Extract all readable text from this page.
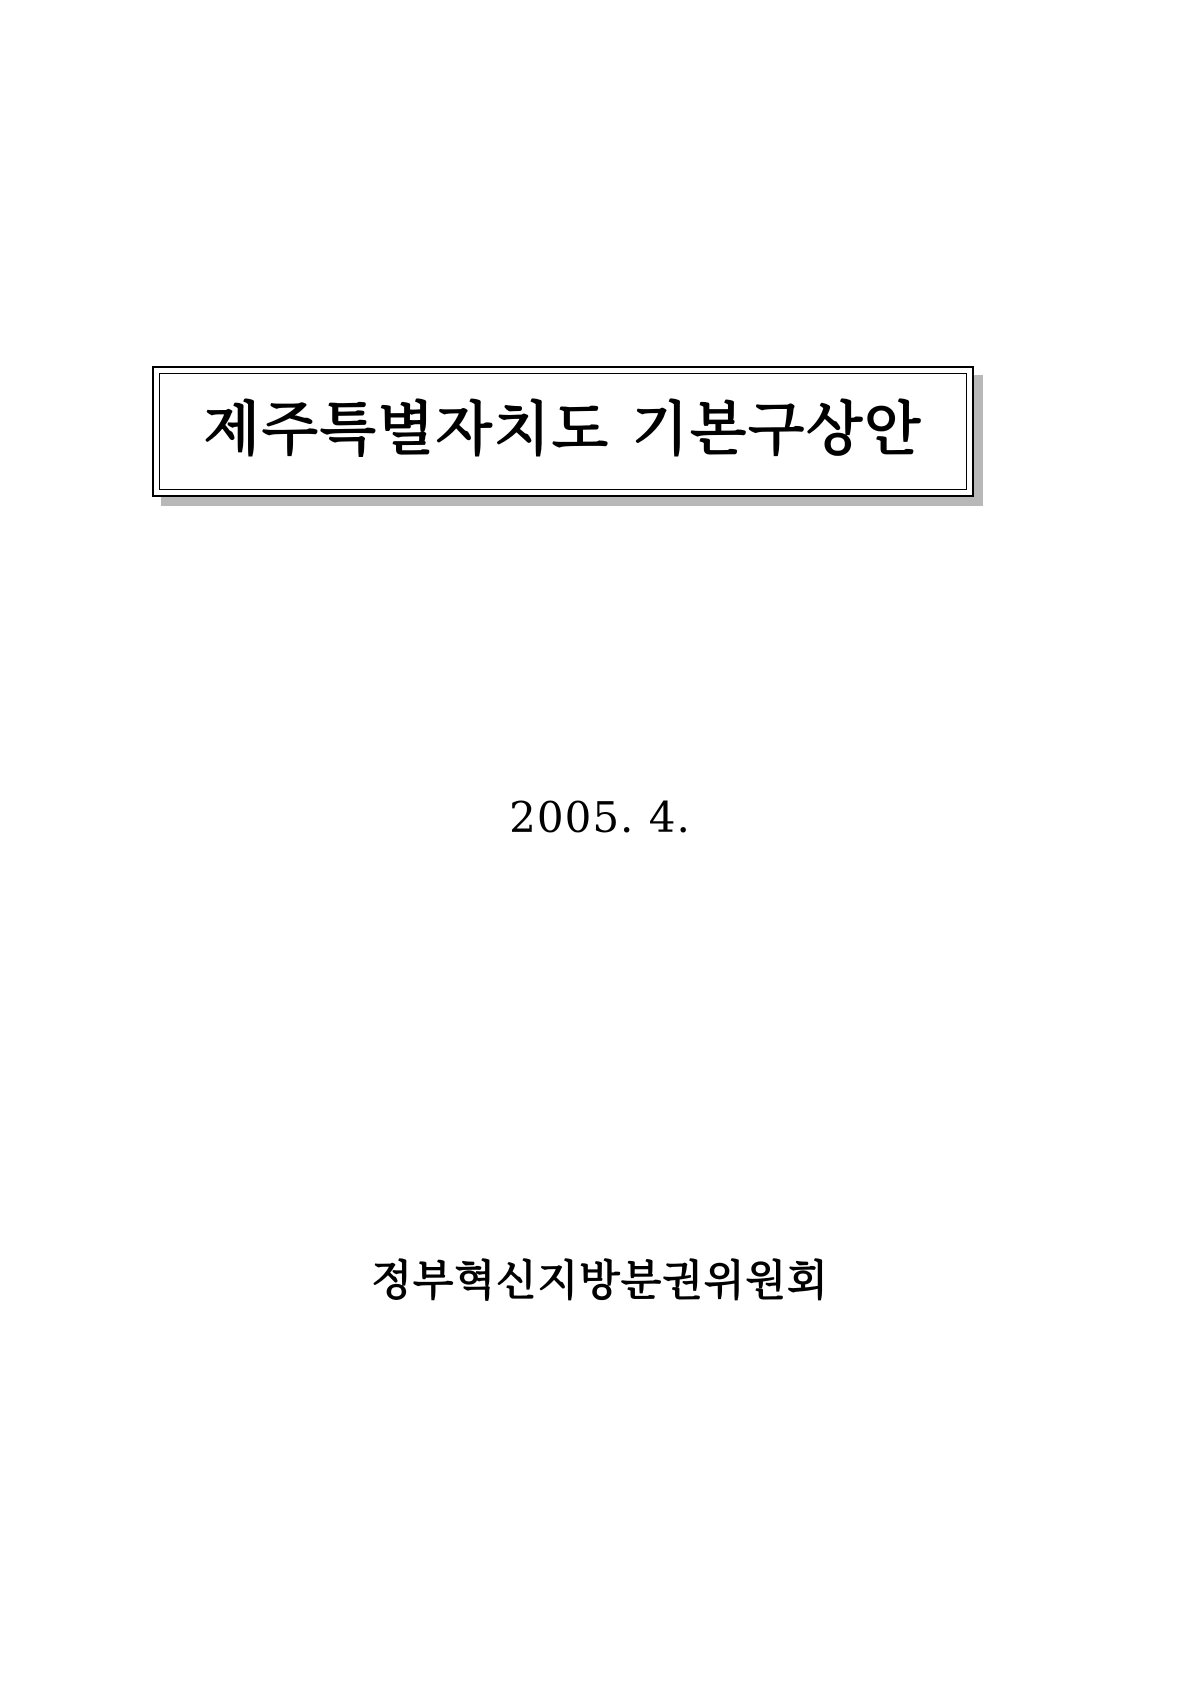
제주특별자치도 기본구상안
2005. 4.
정부혁신지방분권위원회
